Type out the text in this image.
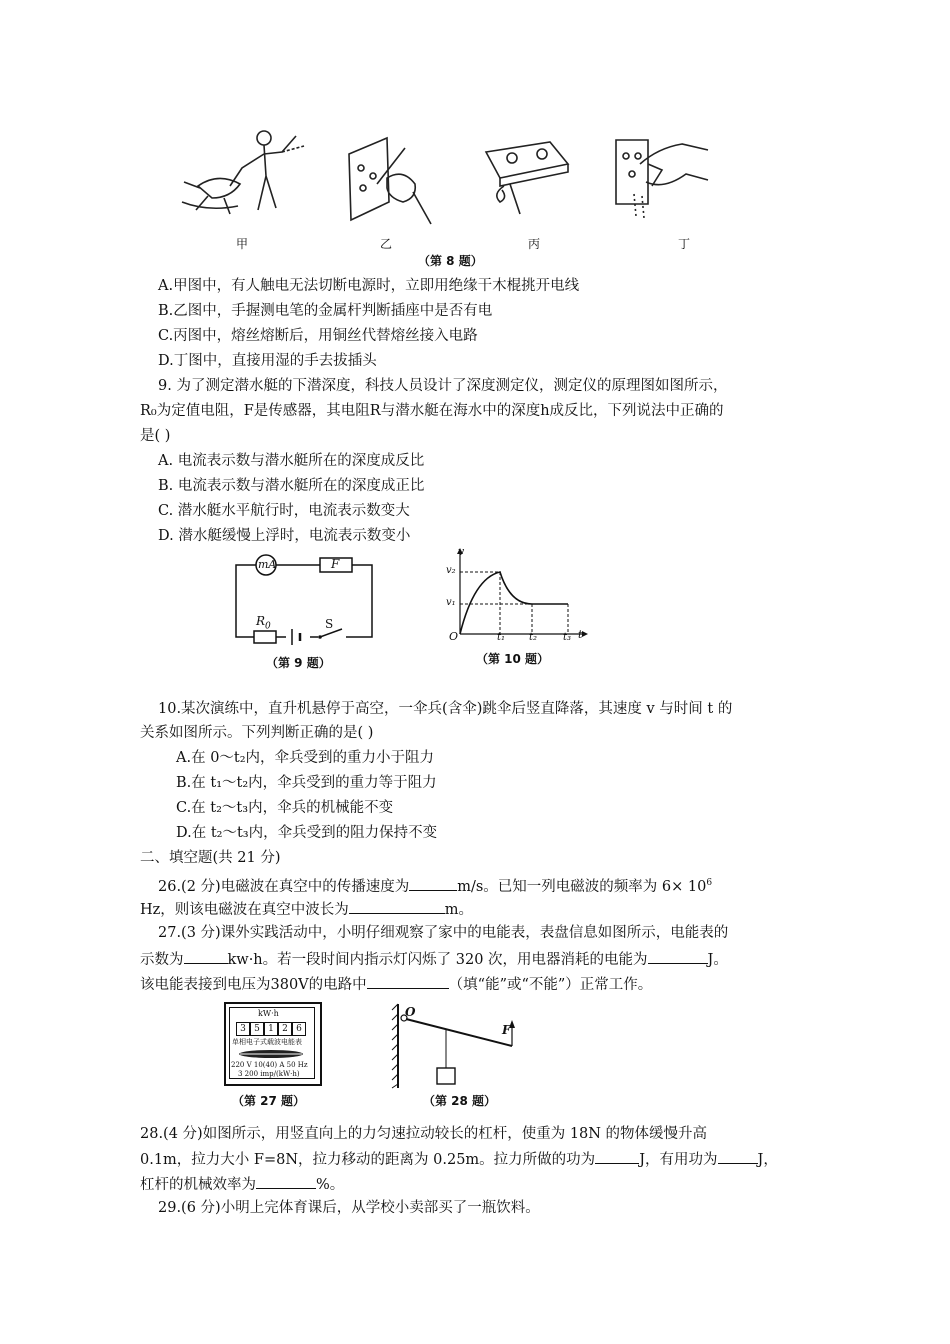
甲	乙	丙	丁
（第 8 题）
A.甲图中，有人触电无法切断电源时，立即用绝缘干木棍挑开电线
B.乙图中，手握测电笔的金属杆判断插座中是否有电
C.丙图中，熔丝熔断后，用铜丝代替熔丝接入电路
D.丁图中，直接用湿的手去拔插头
9. 为了测定潜水艇的下潜深度，科技人员设计了深度测定仪，测定仪的原理图如图所示，
R₀为定值电阻，F是传感器，其电阻R与潜水艇在海水中的深度h成反比，下列说法中正确的
是( )
A. 电流表示数与潜水艇所在的深度成反比
B. 电流表示数与潜水艇所在的深度成正比
C. 潜水艇水平航行时，电流表示数变大
D. 潜水艇缓慢上浮时，电流表示数变小
mA	F
$R_0$	S
（第 9 题）
v
t
O
v₂
v₁
t₁ t₂	t₃
（第 10 题）
10.某次演练中，直升机悬停于高空，一伞兵(含伞)跳伞后竖直降落，其速度 v 与时间 t 的
关系如图所示。下列判断正确的是( )
A.在 0～t₂内，伞兵受到的重力小于阻力
B.在 t₁～t₂内，伞兵受到的重力等于阻力
C.在 t₂～t₃内，伞兵的机械能不变
D.在 t₂～t₃内，伞兵受到的阻力保持不变
二、填空题(共 21 分)
26.(2 分)电磁波在真空中的传播速度为	m/s。已知一列电磁波的频率为 $6\times 10^6$
Hz，则该电磁波在真空中波长为	m。
27.(3 分)课外实践活动中，小明仔细观察了家中的电能表，表盘信息如图所示，电能表的
示数为	kw·h。若一段时间内指示灯闪烁了 320 次，用电器消耗的电能为	J。
该电能表接到电压为380V的电路中	（填“能”或“不能”）正常工作。
kW·h
3 5 1 2 6
单相电子式载波电能表
220 V 10(40) A 50 Hz
3 200 imp/(kW·h)
（第 27 题）
O
F
（第 28 题）
28.(4 分)如图所示，用竖直向上的力匀速拉动较长的杠杆，使重为 18N 的物体缓慢升高
0.1m，拉力大小 F=8N，拉力移动的距离为 0.25m。拉力所做的功为	J，有用功为	J，
杠杆的机械效率为	%。
29.(6 分)小明上完体育课后，从学校小卖部买了一瓶饮料。
